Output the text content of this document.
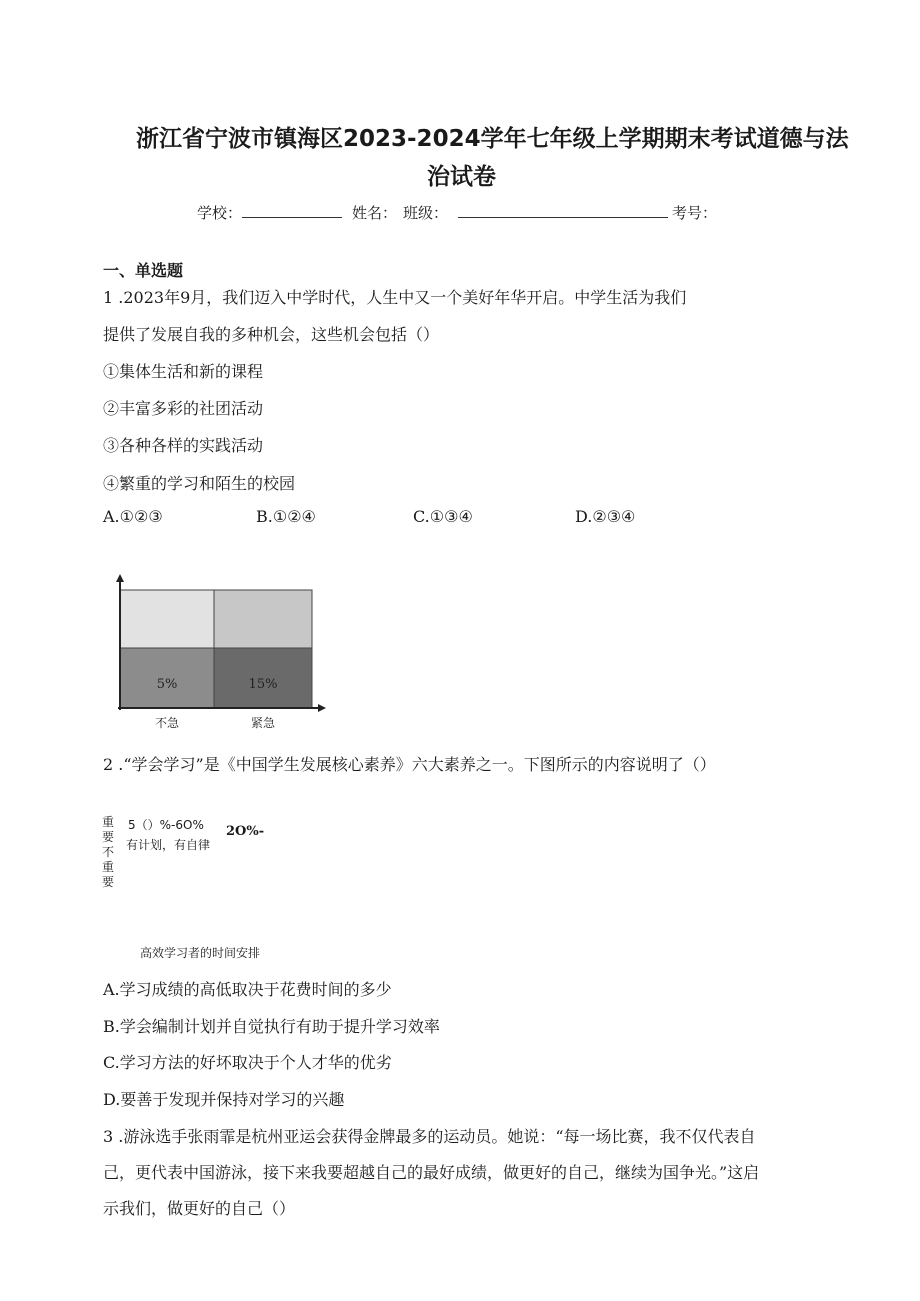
浙江省宁波市镇海区2023-2024学年七年级上学期期末考试道德与法
治试卷
学校：	姓名： 班级：	考号：
一、单选题
1 .2023年9月，我们迈入中学时代，人生中又一个美好年华开启。中学生活为我们
提供了发展自我的多种机会，这些机会包括（）
①集体生活和新的课程
②丰富多彩的社团活动
③各种各样的实践活动
④繁重的学习和陌生的校园
A.①②③	B.①②④	C.①③④	D.②③④
5%	15%
不急	紧急
2 .“学会学习”是《中国学生发展核心素养》六大素养之一。下图所示的内容说明了（）
重
要
不
重
要
5（）%-6O%
有计划，有自律
2O%-
高效学习者的时间安排
A.学习成绩的高低取决于花费时间的多少
B.学会编制计划并自觉执行有助于提升学习效率
C.学习方法的好坏取决于个人才华的优劣
D.要善于发现并保持对学习的兴趣
3 .游泳选手张雨霏是杭州亚运会获得金牌最多的运动员。她说：“每一场比赛，我不仅代表自
己，更代表中国游泳，接下来我要超越自己的最好成绩，做更好的自己，继续为国争光。”这启
示我们，做更好的自己（）
